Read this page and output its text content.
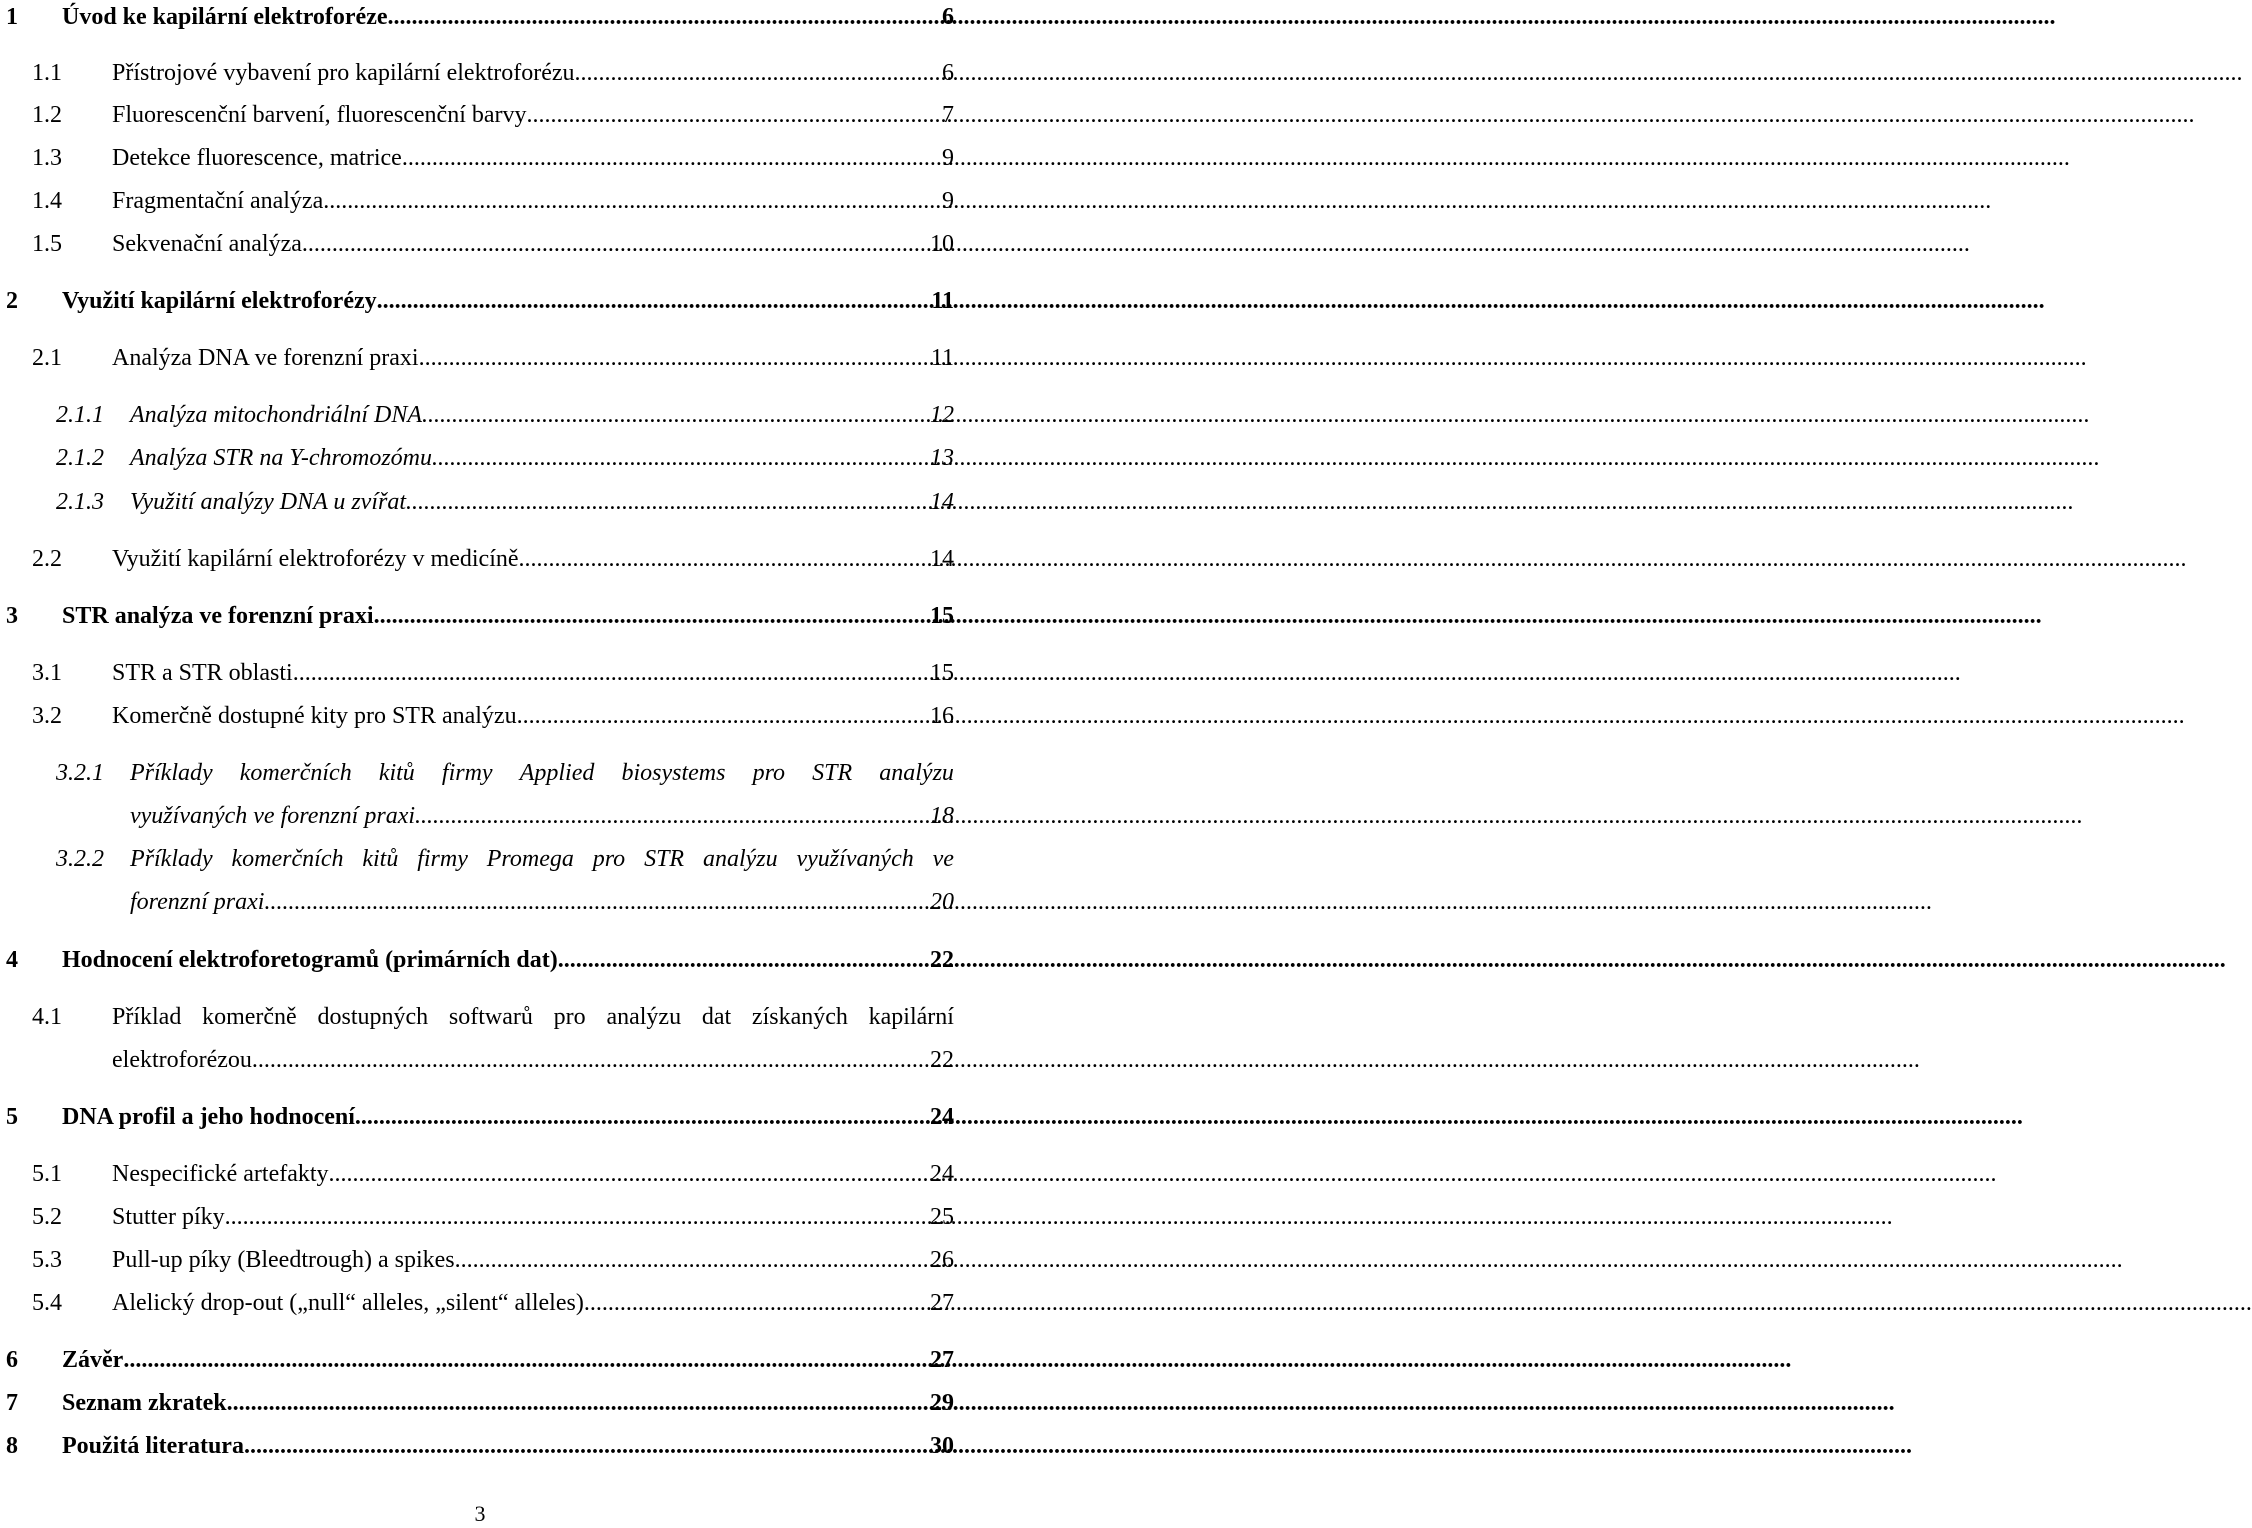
1	Úvod ke kapilární elektroforéze .....	6
1.1	Přístrojové vybavení pro kapilární elektroforézu .....	6
1.2	Fluorescenční barvení, fluorescenční barvy .....	7
1.3	Detekce fluorescence, matrice .....	9
1.4	Fragmentační analýza .....	9
1.5	Sekvenační analýza .....	10
2	Využití kapilární elektroforézy .....	11
2.1	Analýza DNA ve forenzní praxi .....	11
2.1.1	Analýza mitochondriální DNA .....	12
2.1.2	Analýza STR na Y-chromozómu .....	13
2.1.3	Využití analýzy DNA u zvířat .....	14
2.2	Využití kapilární elektroforézy v medicíně .....	14
3	STR analýza ve forenzní praxi .....	15
3.1	STR a STR oblasti .....	15
3.2	Komerčně dostupné kity pro STR analýzu .....	16
3.2.1	Příklady komerčních kitů firmy Applied biosystems pro STR analýzu
využívaných ve forenzní praxi .....	18
3.2.2	Příklady komerčních kitů firmy Promega pro STR analýzu využívaných ve
forenzní praxi .....	20
4	Hodnocení elektroforetogramů (primárních dat) .....	22
4.1	Příklad komerčně dostupných softwarů pro analýzu dat získaných kapilární
elektroforézou .....	22
5	DNA profil a jeho hodnocení .....	24
5.1	Nespecifické artefakty .....	24
5.2	Stutter píky .....	25
5.3	Pull-up píky (Bleedtrough) a spikes .....	26
5.4	Alelický drop-out („null“ alleles, „silent“ alleles) .....	27
6	Závěr .....	27
7	Seznam zkratek .....	29
8	Použitá literatura .....	30
3
